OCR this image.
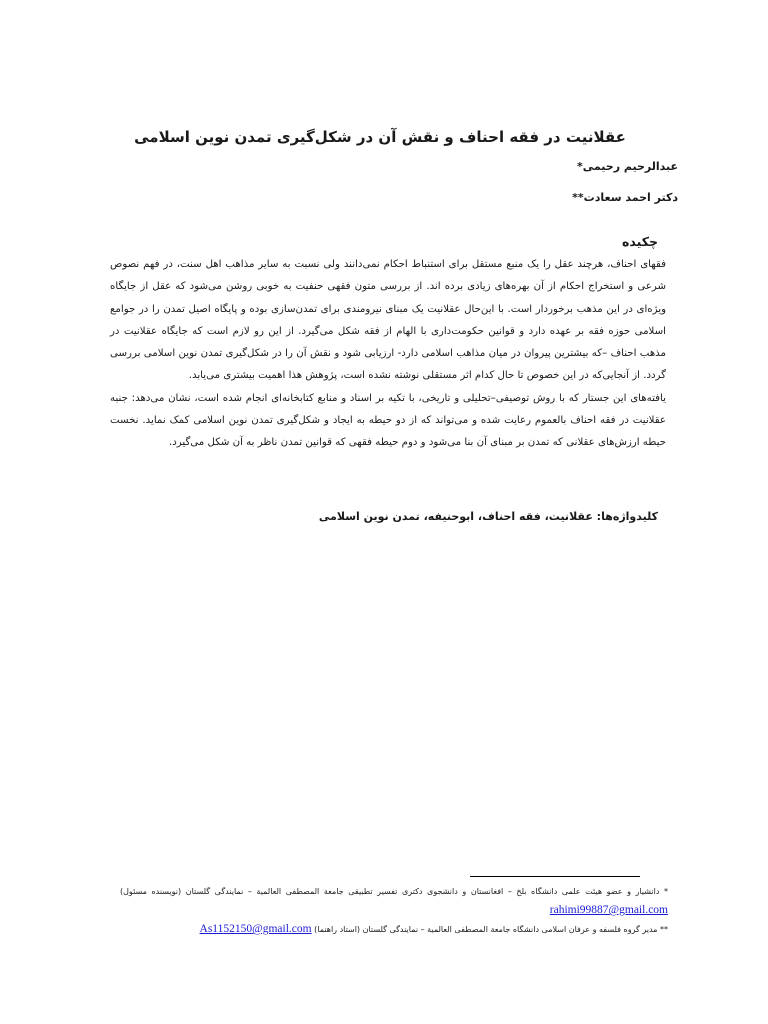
عقلانیت در فقه احناف و نقش آن در شکل‌گیری تمدن نوین اسلامی
عبدالرحیم رحیمی*
دکتر احمد سعادت**
چکیده

فقهای احناف، هرچند عقل را یک منبع مستقل برای استنباط احکام نمی‌دانند ولی نسبت به سایر مذاهب اهل سنت، در فهم نصوص شرعی و استخراج احکام از آن بهره‌های زیادی برده اند. از بررسی متون فقهی حنفیت به خوبی روشن می‌شود که عقل از جایگاه ویژه‌ای در این مذهب برخوردار است. با این‌حال عقلانیت یک مبنای نیرومندی برای تمدن‌سازی بوده و پایگاه اصیل تمدن را در جوامع اسلامی حوزه فقه بر عهده دارد و قوانین حکومت‌داری با الهام از فقه شکل می‌گیرد. از این رو لازم است که جایگاه عقلانیت در مذهب احناف –که بیشترین پیروان در میان مذاهب اسلامی دارد- ارزیابی شود و نقش آن را در شکل‌گیری تمدن نوین اسلامی بررسی گردد. از آنجایی‌که در این خصوص تا حال کدام اثر مستقلی نوشته نشده است، پژوهش هذا اهمیت بیشتری می‌یابد.

یافته‌های این جستار که با روش توصیفی–تحلیلی و تاریخی، با تکیه بر اسناد و منابع کتابخانه‌ای انجام شده است، نشان می‌دهد: جنبه عقلانیت در فقه احناف بالعموم رعایت شده و می‌تواند که از دو حیطه به ایجاد و شکل‌گیری تمدن نوین اسلامی کمک نماید. نخست حیطه ارزش‌های عقلانی که تمدن بر مبنای آن بنا می‌شود و دوم حیطه فقهی که قوانین تمدن ناظر به آن شکل می‌گیرد.

کلیدواژه‌ها: عقلانیت، فقه احناف، ابوحنیفه، تمدن نوین اسلامی

* دانشیار و عضو هیئت علمی دانشگاه بلخ – افغانستان و دانشجوی دکتری تفسیر تطبیقی جامعة المصطفی العالمیة – نمایندگی گلستان (نویسنده مسئول) rahimi99887@gmail.com

** مدیر گروه فلسفه و عرفان اسلامی دانشگاه جامعة المصطفی العالمیة – نمایندگی گلستان (استاد راهنما) As1152150@gmail.com
